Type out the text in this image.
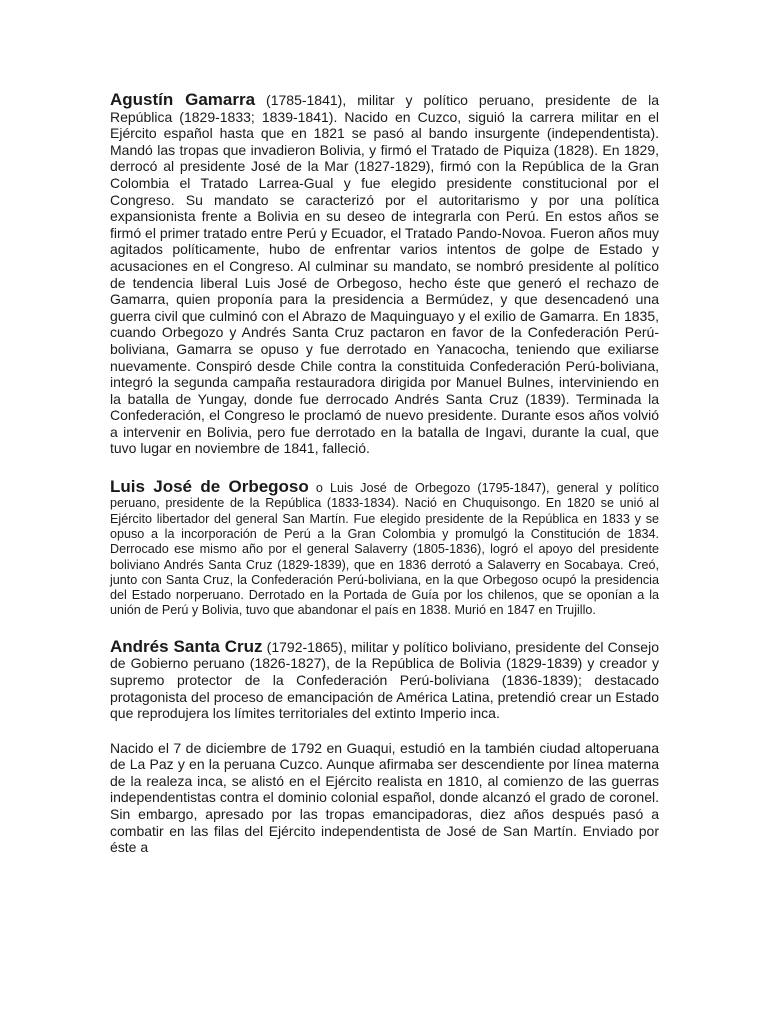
Agustín Gamarra (1785-1841), militar y político peruano, presidente de la República (1829-1833; 1839-1841). Nacido en Cuzco, siguió la carrera militar en el Ejército español hasta que en 1821 se pasó al bando insurgente (independentista). Mandó las tropas que invadieron Bolivia, y firmó el Tratado de Piquiza (1828). En 1829, derrocó al presidente José de la Mar (1827-1829), firmó con la República de la Gran Colombia el Tratado Larrea-Gual y fue elegido presidente constitucional por el Congreso. Su mandato se caracterizó por el autoritarismo y por una política expansionista frente a Bolivia en su deseo de integrarla con Perú. En estos años se firmó el primer tratado entre Perú y Ecuador, el Tratado Pando-Novoa. Fueron años muy agitados políticamente, hubo de enfrentar varios intentos de golpe de Estado y acusaciones en el Congreso. Al culminar su mandato, se nombró presidente al político de tendencia liberal Luis José de Orbegoso, hecho éste que generó el rechazo de Gamarra, quien proponía para la presidencia a Bermúdez, y que desencadenó una guerra civil que culminó con el Abrazo de Maquinguayo y el exilio de Gamarra. En 1835, cuando Orbegozo y Andrés Santa Cruz pactaron en favor de la Confederación Perú-boliviana, Gamarra se opuso y fue derrotado en Yanacocha, teniendo que exiliarse nuevamente. Conspiró desde Chile contra la constituida Confederación Perú-boliviana, integró la segunda campaña restauradora dirigida por Manuel Bulnes, interviniendo en la batalla de Yungay, donde fue derrocado Andrés Santa Cruz (1839). Terminada la Confederación, el Congreso le proclamó de nuevo presidente. Durante esos años volvió a intervenir en Bolivia, pero fue derrotado en la batalla de Ingavi, durante la cual, que tuvo lugar en noviembre de 1841, falleció.

Luis José de Orbegoso o Luis José de Orbegozo (1795-1847), general y político peruano, presidente de la República (1833-1834). Nació en Chuquisongo. En 1820 se unió al Ejército libertador del general San Martín. Fue elegido presidente de la República en 1833 y se opuso a la incorporación de Perú a la Gran Colombia y promulgó la Constitución de 1834. Derrocado ese mismo año por el general Salaverry (1805-1836), logró el apoyo del presidente boliviano Andrés Santa Cruz (1829-1839), que en 1836 derrotó a Salaverry en Socabaya. Creó, junto con Santa Cruz, la Confederación Perú-boliviana, en la que Orbegoso ocupó la presidencia del Estado norperuano. Derrotado en la Portada de Guía por los chilenos, que se oponían a la unión de Perú y Bolivia, tuvo que abandonar el país en 1838. Murió en 1847 en Trujillo.

Andrés Santa Cruz (1792-1865), militar y político boliviano, presidente del Consejo de Gobierno peruano (1826-1827), de la República de Bolivia (1829-1839) y creador y supremo protector de la Confederación Perú-boliviana (1836-1839); destacado protagonista del proceso de emancipación de América Latina, pretendió crear un Estado que reprodujera los límites territoriales del extinto Imperio inca.

Nacido el 7 de diciembre de 1792 en Guaqui, estudió en la también ciudad altoperuana de La Paz y en la peruana Cuzco. Aunque afirmaba ser descendiente por línea materna de la realeza inca, se alistó en el Ejército realista en 1810, al comienzo de las guerras independentistas contra el dominio colonial español, donde alcanzó el grado de coronel. Sin embargo, apresado por las tropas emancipadoras, diez años después pasó a combatir en las filas del Ejército independentista de José de San Martín. Enviado por éste a
